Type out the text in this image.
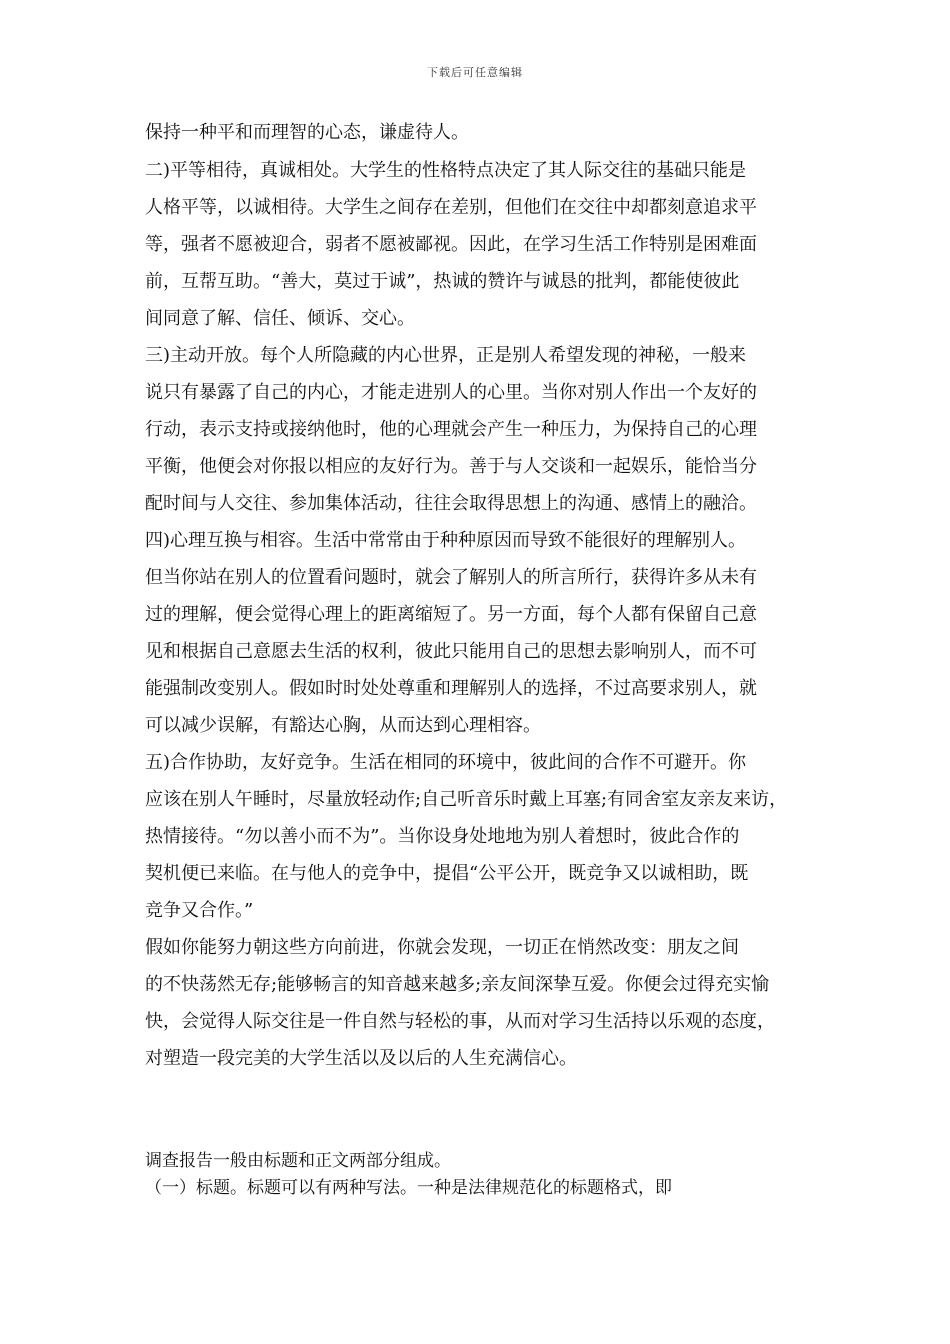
下载后可任意编辑
保持一种平和而理智的心态，谦虚待人。
二)平等相待，真诚相处。大学生的性格特点决定了其人际交往的基础只能是
人格平等，以诚相待。大学生之间存在差别，但他们在交往中却都刻意追求平
等，强者不愿被迎合，弱者不愿被鄙视。因此，在学习生活工作特别是困难面
前，互帮互助。“善大，莫过于诚”，热诚的赞许与诚恳的批判，都能使彼此
间同意了解、信任、倾诉、交心。
三)主动开放。每个人所隐藏的内心世界，正是别人希望发现的神秘，一般来
说只有暴露了自己的内心，才能走进别人的心里。当你对别人作出一个友好的
行动，表示支持或接纳他时，他的心理就会产生一种压力，为保持自己的心理
平衡，他便会对你报以相应的友好行为。善于与人交谈和一起娱乐，能恰当分
配时间与人交往、参加集体活动，往往会取得思想上的沟通、感情上的融洽。
四)心理互换与相容。生活中常常由于种种原因而导致不能很好的理解别人。
但当你站在别人的位置看问题时，就会了解别人的所言所行，获得许多从未有
过的理解，便会觉得心理上的距离缩短了。另一方面，每个人都有保留自己意
见和根据自己意愿去生活的权利，彼此只能用自己的思想去影响别人，而不可
能强制改变别人。假如时时处处尊重和理解别人的选择，不过高要求别人，就
可以减少误解，有豁达心胸，从而达到心理相容。
五)合作协助，友好竞争。生活在相同的环境中，彼此间的合作不可避开。你
应该在别人午睡时，尽量放轻动作;自己听音乐时戴上耳塞;有同舍室友亲友来访，
热情接待。“勿以善小而不为”。当你设身处地地为别人着想时，彼此合作的
契机便已来临。在与他人的竞争中，提倡“公平公开，既竞争又以诚相助，既
竞争又合作。”
假如你能努力朝这些方向前进，你就会发现，一切正在悄然改变：朋友之间
的不快荡然无存;能够畅言的知音越来越多;亲友间深挚互爱。你便会过得充实愉
快，会觉得人际交往是一件自然与轻松的事，从而对学习生活持以乐观的态度，
对塑造一段完美的大学生活以及以后的人生充满信心。
调查报告一般由标题和正文两部分组成。
（一）标题。标题可以有两种写法。一种是法律规范化的标题格式，即
